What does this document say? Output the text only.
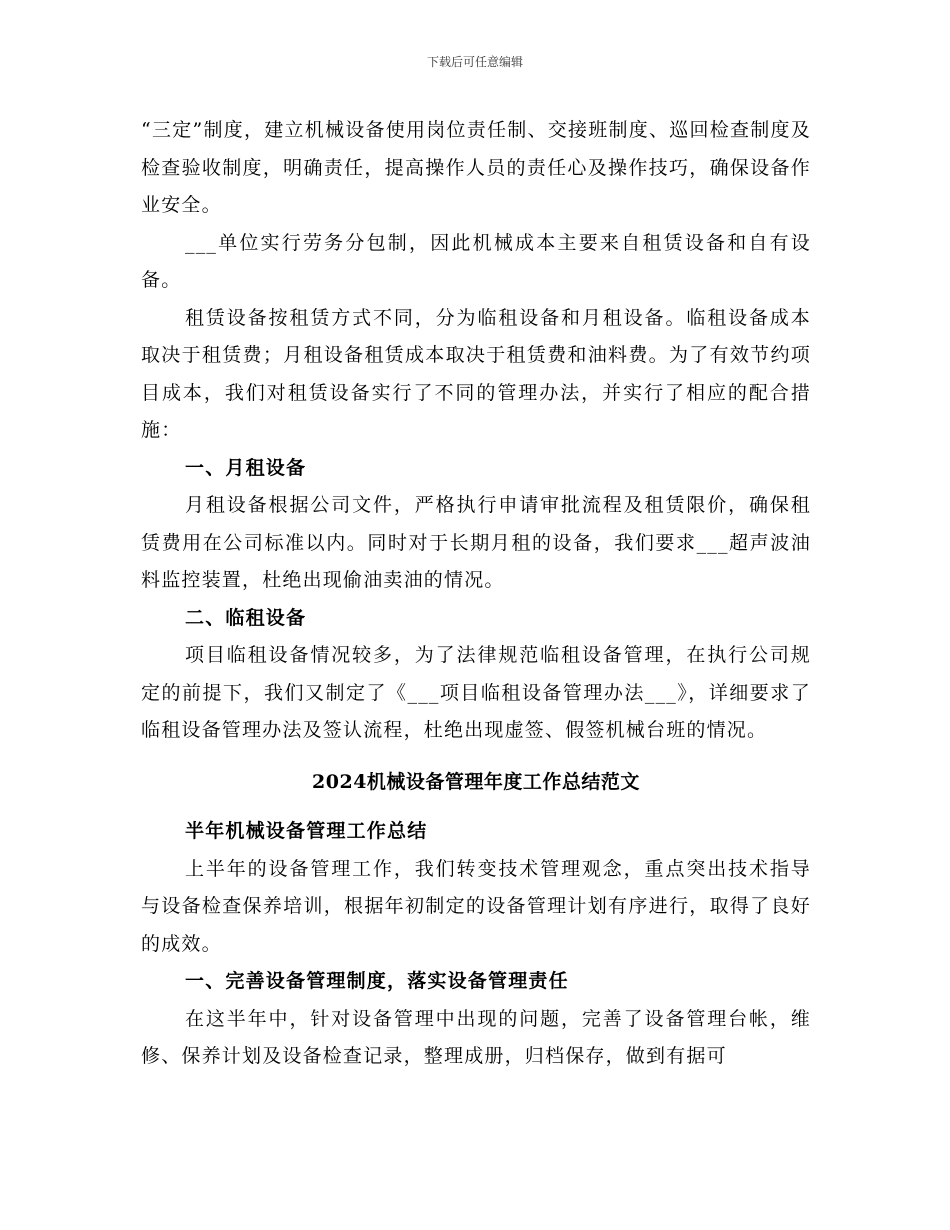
下载后可任意编辑

“三定”制度，建立机械设备使用岗位责任制、交接班制度、巡回检查制度及检查验收制度，明确责任，提高操作人员的责任心及操作技巧，确保设备作业安全。

___单位实行劳务分包制，因此机械成本主要来自租赁设备和自有设备。

租赁设备按租赁方式不同，分为临租设备和月租设备。临租设备成本取决于租赁费；月租设备租赁成本取决于租赁费和油料费。为了有效节约项目成本，我们对租赁设备实行了不同的管理办法，并实行了相应的配合措施：

一、月租设备

月租设备根据公司文件，严格执行申请审批流程及租赁限价，确保租赁费用在公司标准以内。同时对于长期月租的设备，我们要求___超声波油料监控装置，杜绝出现偷油卖油的情况。

二、临租设备

项目临租设备情况较多，为了法律规范临租设备管理，在执行公司规定的前提下，我们又制定了《___项目临租设备管理办法___》，详细要求了临租设备管理办法及签认流程，杜绝出现虚签、假签机械台班的情况。

2024机械设备管理年度工作总结范文

半年机械设备管理工作总结

上半年的设备管理工作，我们转变技术管理观念，重点突出技术指导与设备检查保养培训，根据年初制定的设备管理计划有序进行，取得了良好的成效。

一、完善设备管理制度，落实设备管理责任

在这半年中，针对设备管理中出现的问题，完善了设备管理台帐，维修、保养计划及设备检查记录，整理成册，归档保存，做到有据可
